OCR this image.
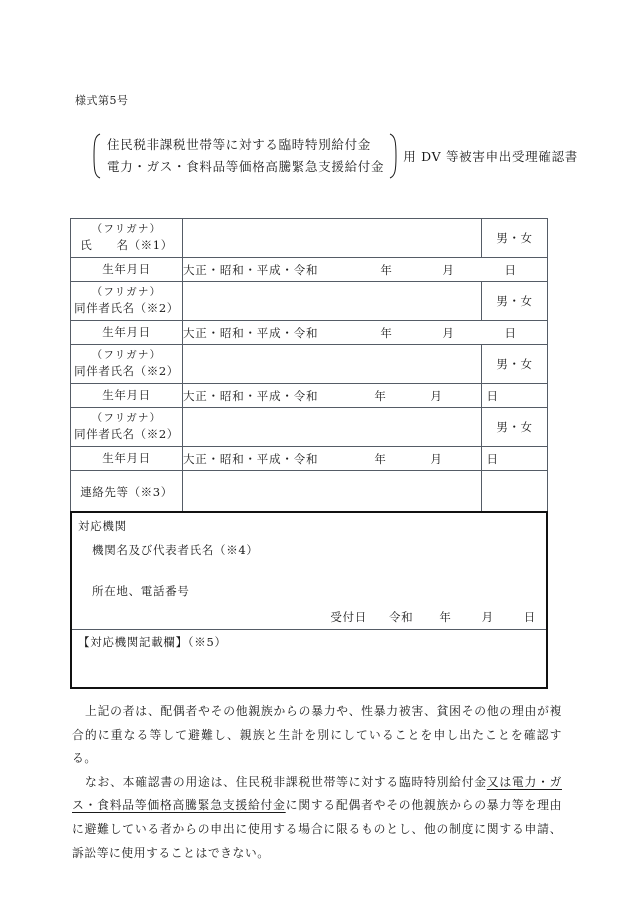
様式第5号
住民税非課税世帯等に対する臨時特別給付金
電力・ガス・食料品等価格高騰緊急支援給付金
用 DV 等被害申出受理確認書
（フリガナ）
氏　　名（※1）		男・女
生年月日	大正・昭和・平成・令和 年 月 日	

（フリガナ）
同伴者氏名（※2）		男・女
生年月日	大正・昭和・平成・令和 年 月 日	

（フリガナ）
同伴者氏名（※2）		男・女
生年月日	大正・昭和・平成・令和 年 月 日	

（フリガナ）
同伴者氏名（※2）		男・女
生年月日	大正・昭和・平成・令和 年 月 日	
連絡先等（※3）		
対応機関
機関名及び代表者氏名（※4）
所在地、電話番号
受付日 令和 年	月	日
【対応機関記載欄】（※5）

上記の者は、配偶者やその他親族からの暴力や、性暴力被害、貧困その他の理由が複合的に重なる等して避難し、親族と生計を別にしていることを申し出たことを確認する。

なお、本確認書の用途は、住民税非課税世帯等に対する臨時特別給付金又は電力・ガス・食料品等価格高騰緊急支援給付金に関する配偶者やその他親族からの暴力等を理由に避難している者からの申出に使用する場合に限るものとし、他の制度に関する申請、訴訟等に使用することはできない。
